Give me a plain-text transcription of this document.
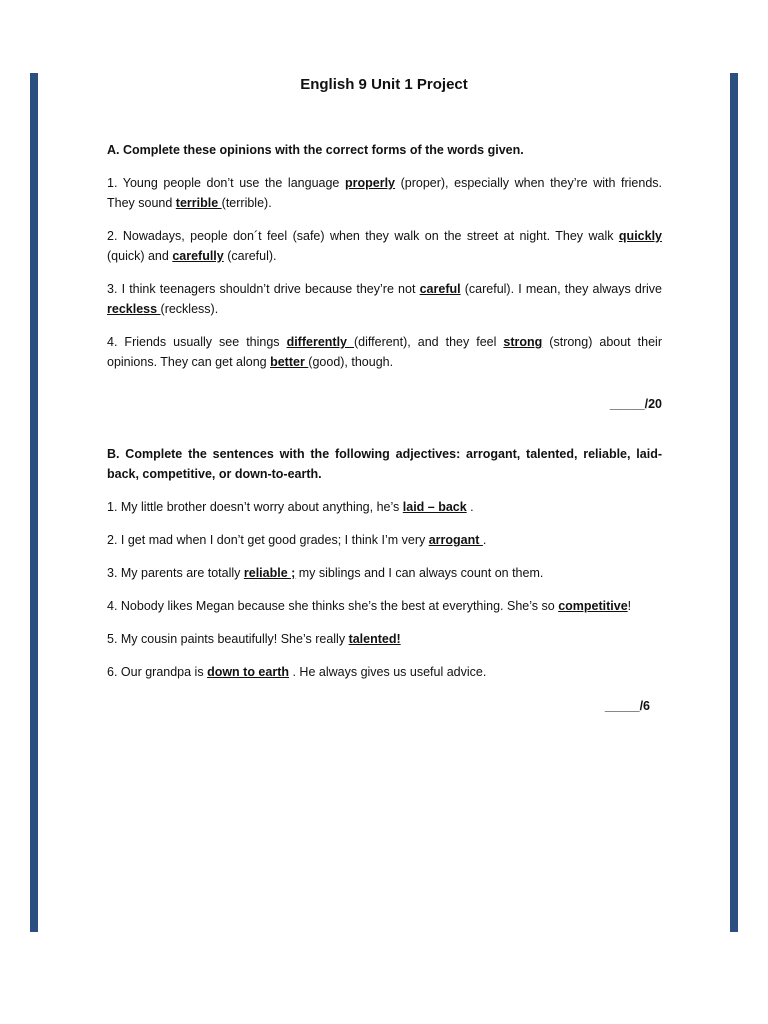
English 9 Unit 1 Project
A. Complete these opinions with the correct forms of the words given.
1. Young people don’t use the language properly (proper), especially when they’re with friends. They sound terrible (terrible).
2. Nowadays, people don´t feel (safe) when they walk on the street at night. They walk quickly (quick) and carefully (careful).
3. I think teenagers shouldn’t drive because they’re not careful (careful). I mean, they always drive reckless (reckless).
4. Friends usually see things differently (different), and they feel strong (strong) about their opinions. They can get along better (good), though.
_____/20
B. Complete the sentences with the following adjectives: arrogant, talented, reliable, laid-back, competitive, or down-to-earth.
1. My little brother doesn’t worry about anything, he’s laid – back .
2. I get mad when I don’t get good grades; I think I’m very arrogant .
3. My parents are totally reliable ; my siblings and I can always count on them.
4. Nobody likes Megan because she thinks she’s the best at everything. She’s so competitive!
5. My cousin paints beautifully! She’s really talented!
6. Our grandpa is down to earth . He always gives us useful advice.
_____/6
